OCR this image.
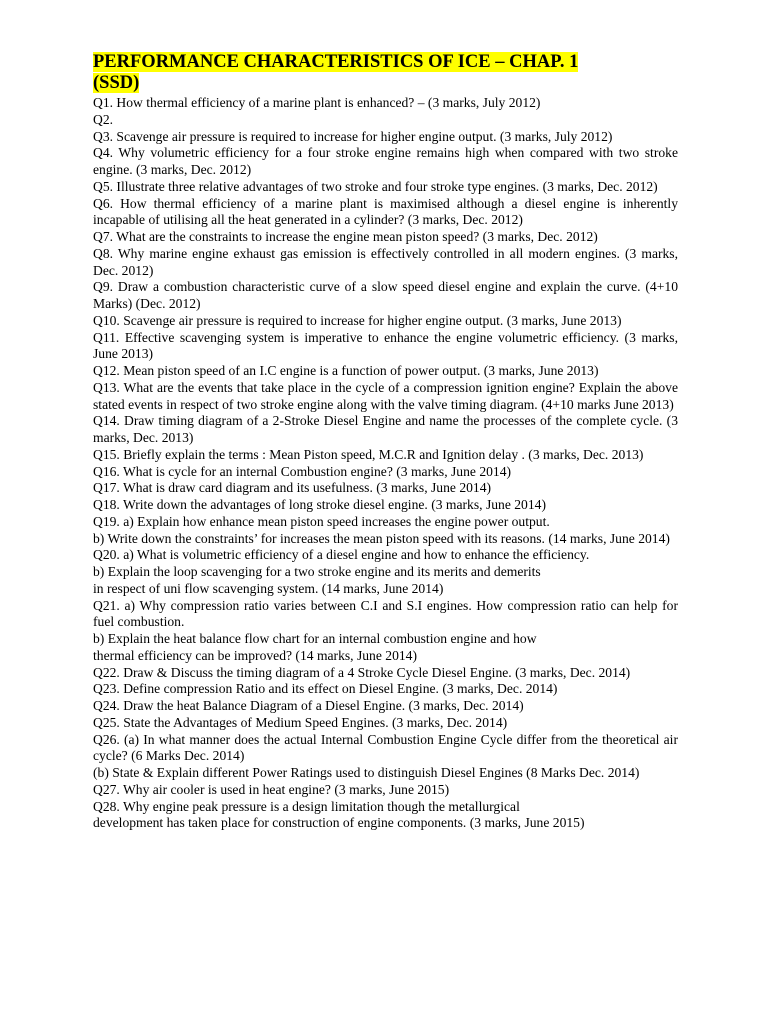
PERFORMANCE CHARACTERISTICS OF ICE – CHAP. 1
(SSD)

Q1. How thermal efficiency of a marine plant is enhanced? – (3 marks, July 2012)

Q2.

Q3. Scavenge air pressure is required to increase for higher engine output. (3 marks, July 2012)

Q4. Why volumetric efficiency for a four stroke engine remains high when compared with two stroke engine. (3 marks, Dec. 2012)

Q5. Illustrate three relative advantages of two stroke and four stroke type engines. (3 marks, Dec. 2012)

Q6. How thermal efficiency of a marine plant is maximised although a diesel engine is inherently incapable of utilising all the heat generated in a cylinder? (3 marks, Dec. 2012)

Q7. What are the constraints to increase the engine mean piston speed? (3 marks, Dec. 2012)

Q8. Why marine engine exhaust gas emission is effectively controlled in all modern engines. (3 marks, Dec. 2012)

Q9. Draw a combustion characteristic curve of a slow speed diesel engine and explain the curve. (4+10 Marks) (Dec. 2012)

Q10. Scavenge air pressure is required to increase for higher engine output. (3 marks, June 2013)

Q11. Effective scavenging system is imperative to enhance the engine volumetric efficiency. (3 marks, June 2013)

Q12. Mean piston speed of an I.C engine is a function of power output. (3 marks, June 2013)

Q13. What are the events that take place in the cycle of a compression ignition engine? Explain the above stated events in respect of two stroke engine along with the valve timing diagram. (4+10 marks June 2013)

Q14. Draw timing diagram of a 2-Stroke Diesel Engine and name the processes of the complete cycle. (3 marks, Dec. 2013)

Q15. Briefly explain the terms : Mean Piston speed, M.C.R and Ignition delay . (3 marks, Dec. 2013)

Q16. What is cycle for an internal Combustion engine? (3 marks, June 2014)

Q17. What is draw card diagram and its usefulness. (3 marks, June 2014)

Q18. Write down the advantages of long stroke diesel engine. (3 marks, June 2014)

Q19. a) Explain how enhance mean piston speed increases the engine power output.

b) Write down the constraints’ for increases the mean piston speed with its reasons. (14 marks, June 2014)

Q20. a) What is volumetric efficiency of a diesel engine and how to enhance the efficiency.

b) Explain the loop scavenging for a two stroke engine and its merits and demerits
in respect of uni flow scavenging system. (14 marks, June 2014)

Q21. a) Why compression ratio varies between C.I and S.I engines. How compression ratio can help for fuel combustion.

b) Explain the heat balance flow chart for an internal combustion engine and how
thermal efficiency can be improved? (14 marks, June 2014)

Q22. Draw & Discuss the timing diagram of a 4 Stroke Cycle Diesel Engine. (3 marks, Dec. 2014)

Q23. Define compression Ratio and its effect on Diesel Engine. (3 marks, Dec. 2014)

Q24. Draw the heat Balance Diagram of a Diesel Engine. (3 marks, Dec. 2014)

Q25. State the Advantages of Medium Speed Engines. (3 marks, Dec. 2014)

Q26. (a) In what manner does the actual Internal Combustion Engine Cycle differ from the theoretical air cycle? (6 Marks Dec. 2014)

(b) State & Explain different Power Ratings used to distinguish Diesel Engines (8 Marks Dec. 2014)

Q27. Why air cooler is used in heat engine? (3 marks, June 2015)

Q28. Why engine peak pressure is a design limitation though the metallurgical
development has taken place for construction of engine components. (3 marks, June 2015)
